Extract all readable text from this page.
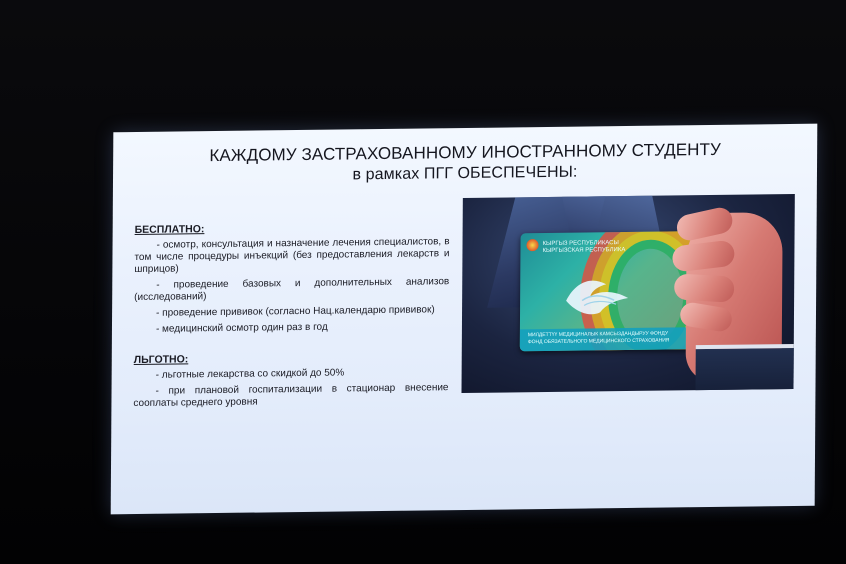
КАЖДОМУ ЗАСТРАХОВАННОМУ ИНОСТРАННОМУ СТУДЕНТУ
в рамках ПГГ ОБЕСПЕЧЕНЫ:
БЕСПЛАТНО:
- осмотр, консультация и назначение лечения специалистов, в том числе процедуры инъекций (без предоставления лекарств и шприцов)
- проведение базовых и дополнительных анализов (исследований)
- проведение прививок (согласно Нац.календарю прививок)
- медицинский осмотр один раз в год
ЛЬГОТНО:
- льготные лекарства со скидкой до 50%
- при плановой госпитализации в стационар внесение сооплаты среднего уровня
КЫРГЫЗ РЕСПУБЛИКАСЫ
КЫРГЫЗСКАЯ РЕСПУБЛИКА
МИЛДЕТТҮҮ МЕДИЦИНАЛЫК КАМСЫЗДАНДЫРУУ ФОНДУ
ФОНД ОБЯЗАТЕЛЬНОГО МЕДИЦИНСКОГО СТРАХОВАНИЯ
